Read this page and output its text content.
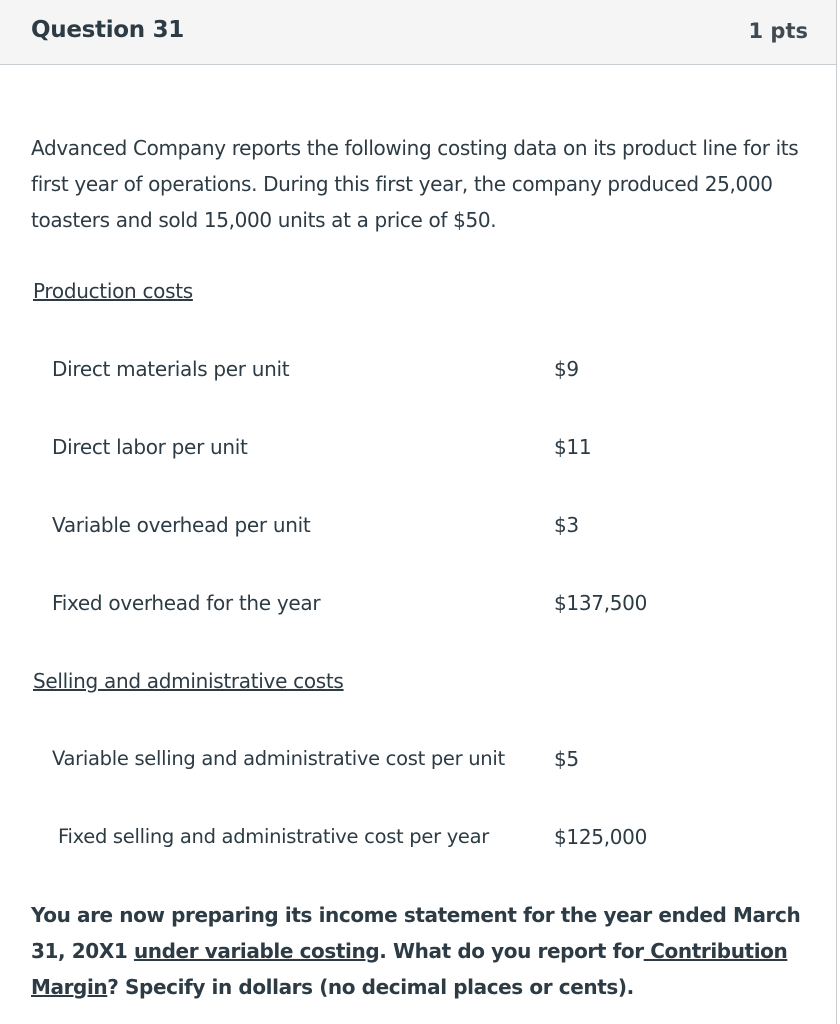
Question 31	1 pts
Advanced Company reports the following costing data on its product line for its first year of operations. During this first year, the company produced 25,000 toasters and sold 15,000 units at a price of $50.
Production costs
Direct materials per unit	$9
Direct labor per unit	$11
Variable overhead per unit	$3
Fixed overhead for the year	$137,500
Selling and administrative costs
Variable selling and administrative cost per unit $5
Fixed selling and administrative cost per year	$125,000
You are now preparing its income statement for the year ended March 31, 20X1 under variable costing. What do you report for Contribution Margin? Specify in dollars (no decimal places or cents).
